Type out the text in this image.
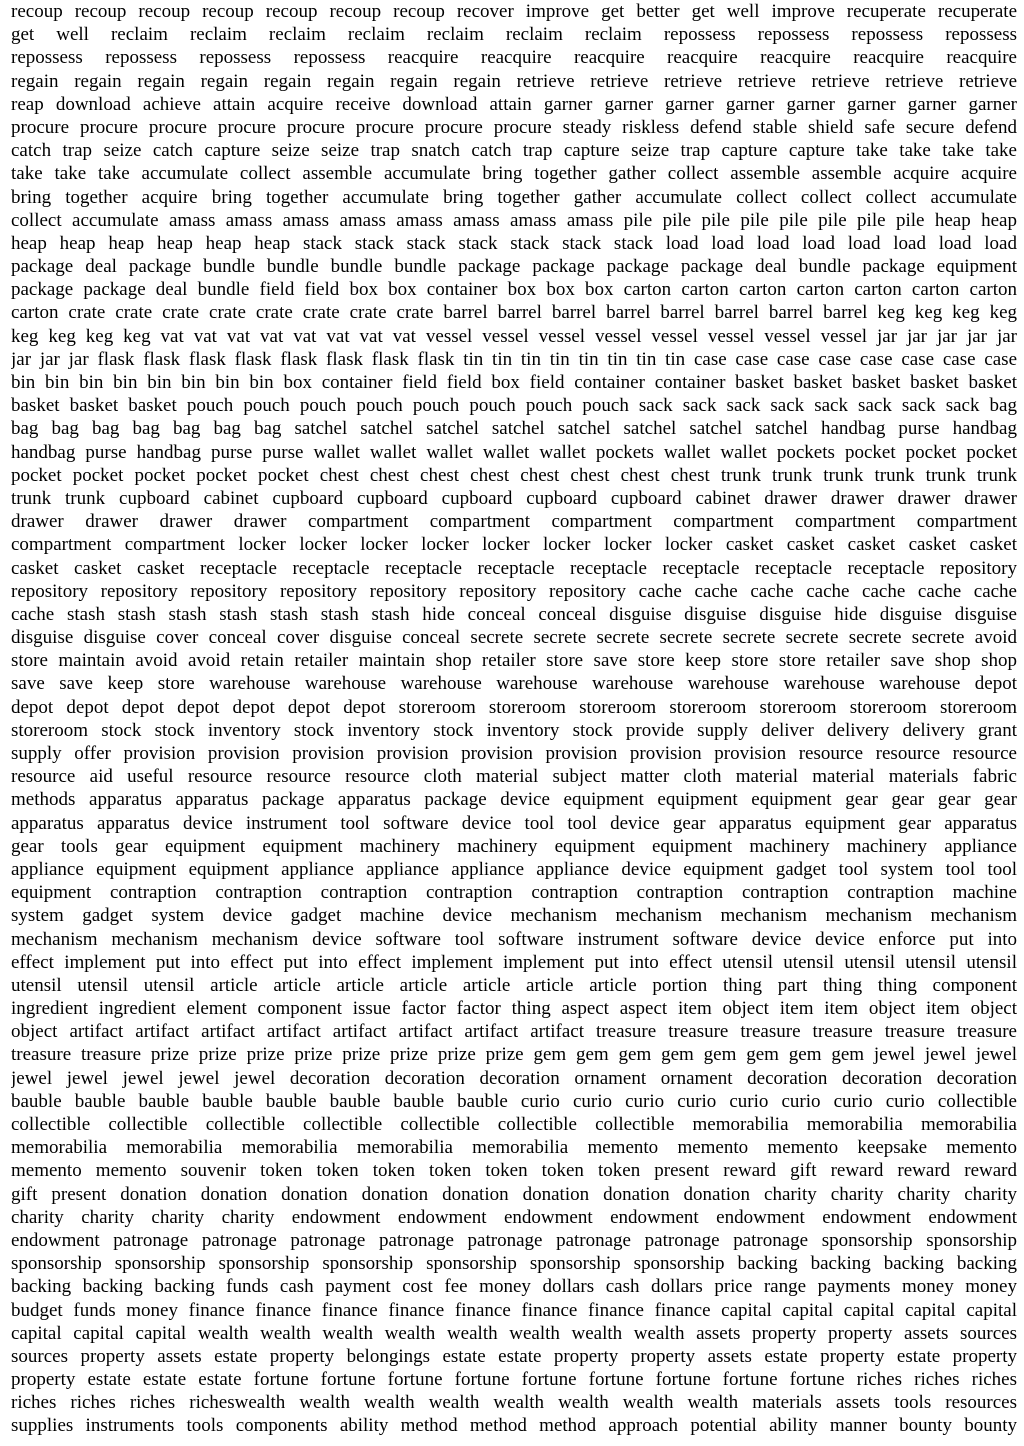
recoup recoup recoup recoup recoup recoup recoup recover improve get better get well improve recuperate recuperate
get well reclaim reclaim reclaim reclaim reclaim reclaim reclaim repossess repossess repossess repossess
repossess repossess repossess repossess reacquire reacquire reacquire reacquire reacquire reacquire reacquire
regain regain regain regain regain regain regain regain retrieve retrieve retrieve retrieve retrieve retrieve retrieve
reap download achieve attain acquire receive download attain garner garner garner garner garner garner garner garner
procure procure procure procure procure procure procure procure steady riskless defend stable shield safe secure defend
catch trap seize catch capture seize seize trap snatch catch trap capture seize trap capture capture take take take take
take take take accumulate collect assemble accumulate bring together gather collect assemble assemble acquire acquire
bring together acquire bring together accumulate bring together gather accumulate collect collect collect accumulate
collect accumulate amass amass amass amass amass amass amass amass pile pile pile pile pile pile pile pile heap heap
heap heap heap heap heap heap stack stack stack stack stack stack stack load load load load load load load load
package deal package bundle bundle bundle bundle package package package package deal bundle package equipment
package package deal bundle field field box box container box box box carton carton carton carton carton carton carton
carton crate crate crate crate crate crate crate crate barrel barrel barrel barrel barrel barrel barrel barrel keg keg keg keg
keg keg keg keg vat vat vat vat vat vat vat vat vessel vessel vessel vessel vessel vessel vessel vessel jar jar jar jar jar
jar jar jar flask flask flask flask flask flask flask flask tin tin tin tin tin tin tin tin case case case case case case case case
bin bin bin bin bin bin bin bin box container field field box field container container basket basket basket basket basket
basket basket basket pouch pouch pouch pouch pouch pouch pouch pouch sack sack sack sack sack sack sack sack bag
bag bag bag bag bag bag bag satchel satchel satchel satchel satchel satchel satchel satchel handbag purse handbag
handbag purse handbag purse purse wallet wallet wallet wallet wallet pockets wallet wallet pockets pocket pocket pocket
pocket pocket pocket pocket pocket chest chest chest chest chest chest chest chest trunk trunk trunk trunk trunk trunk
trunk trunk cupboard cabinet cupboard cupboard cupboard cupboard cupboard cabinet drawer drawer drawer drawer
drawer drawer drawer drawer compartment compartment compartment compartment compartment compartment
compartment compartment locker locker locker locker locker locker locker locker casket casket casket casket casket
casket casket casket receptacle receptacle receptacle receptacle receptacle receptacle receptacle receptacle repository
repository repository repository repository repository repository repository cache cache cache cache cache cache cache
cache stash stash stash stash stash stash stash hide conceal conceal disguise disguise disguise hide disguise disguise
disguise disguise cover conceal cover disguise conceal secrete secrete secrete secrete secrete secrete secrete secrete avoid
store maintain avoid avoid retain retailer maintain shop retailer store save store keep store store retailer save shop shop
save save keep store warehouse warehouse warehouse warehouse warehouse warehouse warehouse warehouse depot
depot depot depot depot depot depot depot storeroom storeroom storeroom storeroom storeroom storeroom storeroom
storeroom stock stock inventory stock inventory stock inventory stock provide supply deliver delivery delivery grant
supply offer provision provision provision provision provision provision provision provision resource resource resource
resource aid useful resource resource resource cloth material subject matter cloth material material materials fabric
methods apparatus apparatus package apparatus package device equipment equipment equipment gear gear gear gear
apparatus apparatus device instrument tool software device tool tool device gear apparatus equipment gear apparatus
gear tools gear equipment equipment machinery machinery equipment equipment machinery machinery appliance
appliance equipment equipment appliance appliance appliance appliance device equipment gadget tool system tool tool
equipment contraption contraption contraption contraption contraption contraption contraption contraption machine
system gadget system device gadget machine device mechanism mechanism mechanism mechanism mechanism
mechanism mechanism mechanism device software tool software instrument software device device enforce put into
effect implement put into effect put into effect implement implement put into effect utensil utensil utensil utensil utensil
utensil utensil utensil article article article article article article article portion thing part thing thing component
ingredient ingredient element component issue factor factor thing aspect aspect item object item item object item object
object artifact artifact artifact artifact artifact artifact artifact artifact treasure treasure treasure treasure treasure treasure
treasure treasure prize prize prize prize prize prize prize prize gem gem gem gem gem gem gem gem jewel jewel jewel
jewel jewel jewel jewel jewel decoration decoration decoration ornament ornament decoration decoration decoration
bauble bauble bauble bauble bauble bauble bauble bauble curio curio curio curio curio curio curio curio collectible
collectible collectible collectible collectible collectible collectible collectible memorabilia memorabilia memorabilia
memorabilia memorabilia memorabilia memorabilia memorabilia memento memento memento keepsake memento
memento memento souvenir token token token token token token token present reward gift reward reward reward
gift present donation donation donation donation donation donation donation donation charity charity charity charity
charity charity charity charity endowment endowment endowment endowment endowment endowment endowment
endowment patronage patronage patronage patronage patronage patronage patronage patronage sponsorship sponsorship
sponsorship sponsorship sponsorship sponsorship sponsorship sponsorship sponsorship backing backing backing backing
backing backing backing funds cash payment cost fee money dollars cash dollars price range payments money money
budget funds money finance finance finance finance finance finance finance finance capital capital capital capital capital
capital capital capital wealth wealth wealth wealth wealth wealth wealth wealth assets property property assets sources
sources property assets estate property belongings estate estate property property assets estate property estate property
property estate estate estate fortune fortune fortune fortune fortune fortune fortune fortune fortune riches riches riches
riches riches riches richeswealth wealth wealth wealth wealth wealth wealth wealth materials assets tools resources
supplies instruments tools components ability method method method approach potential ability manner bounty bounty
